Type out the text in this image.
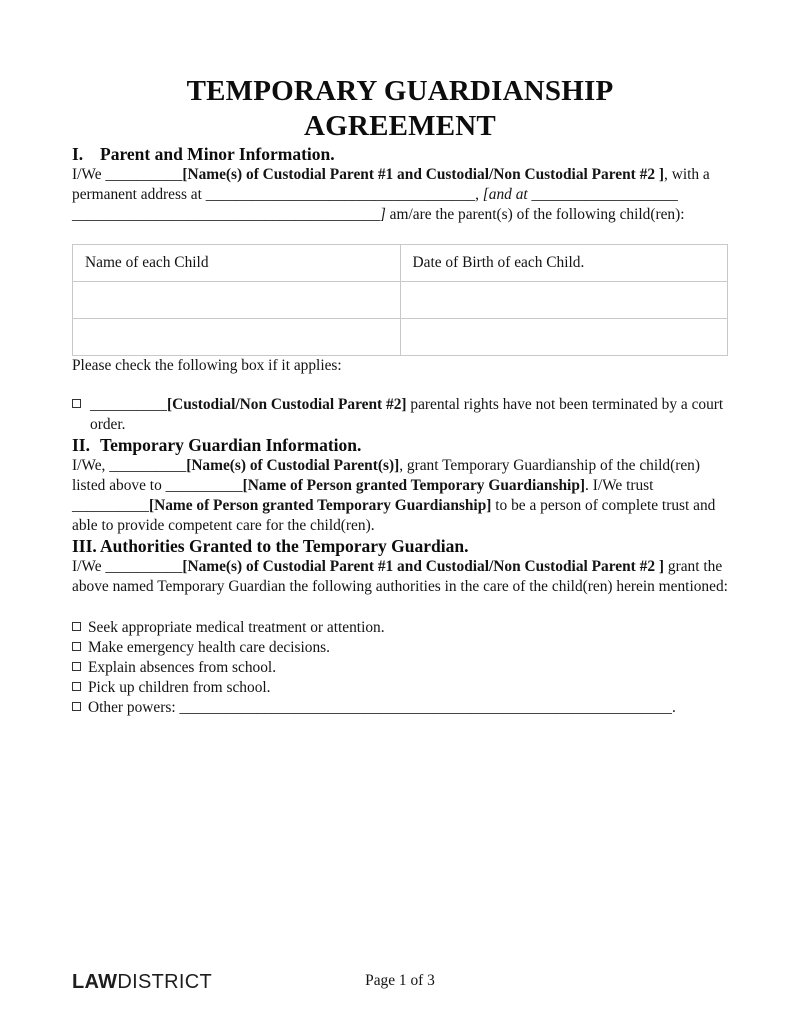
TEMPORARY GUARDIANSHIP
AGREEMENT
I. Parent and Minor Information.

I/We __________[Name(s) of Custodial Parent #1 and Custodial/Non Custodial Parent #2 ], with a permanent address at ___________________________________, [and at ___________________ ________________________________________] am/are the parent(s) of the following child(ren):

Name of each Child	Date of Birth of each Child.

Please check the following box if it applies:

__________[Custodial/Non Custodial Parent #2] parental rights have not been terminated by a court order.
II. Temporary Guardian Information.

I/We, __________[Name(s) of Custodial Parent(s)], grant Temporary Guardianship of the child(ren) listed above to __________[Name of Person granted Temporary Guardianship]. I/We trust __________[Name of Person granted Temporary Guardianship] to be a person of complete trust and able to provide competent care for the child(ren).

III. Authorities Granted to the Temporary Guardian.

I/We __________[Name(s) of Custodial Parent #1 and Custodial/Non Custodial Parent #2 ] grant the above named Temporary Guardian the following authorities in the care of the child(ren) herein mentioned:

Seek appropriate medical treatment or attention.
Make emergency health care decisions.
Explain absences from school.
Pick up children from school.
Other powers: ________________________________________________________________.
Page 1 of 3
LAWDISTRICT
